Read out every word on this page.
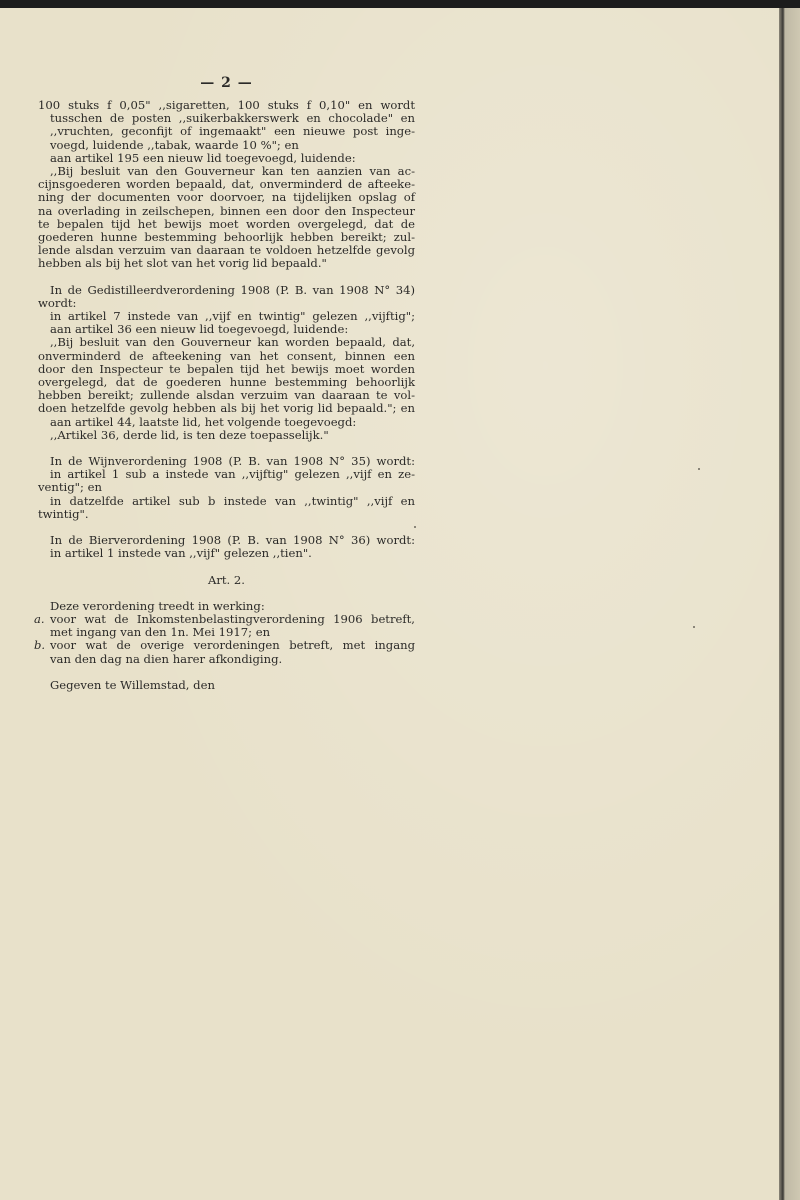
— 2 —
100 stuks f 0,05" ,,sigaretten, 100 stuks f 0,10" en wordt
tusschen de posten ,,suikerbakkerswerk en chocolade" en
,,vruchten, geconfijt of ingemaakt" een nieuwe post inge-
voegd, luidende ,,tabak, waarde 10 %"; en
aan artikel 195 een nieuw lid toegevoegd, luidende:
,,Bij besluit van den Gouverneur kan ten aanzien van ac-
cijnsgoederen worden bepaald, dat, onverminderd de afteeke-
ning der documenten voor doorvoer, na tijdelijken opslag of
na overlading in zeilschepen, binnen een door den Inspecteur
te bepalen tijd het bewijs moet worden overgelegd, dat de
goederen hunne bestemming behoorlijk hebben bereikt; zul-
lende alsdan verzuim van daaraan te voldoen hetzelfde gevolg
hebben als bij het slot van het vorig lid bepaald."
In de Gedistilleerdverordening 1908 (P. B. van 1908 N° 34)
wordt:
in artikel 7 instede van ,,vijf en twintig" gelezen ,,vijftig";
aan artikel 36 een nieuw lid toegevoegd, luidende:
,,Bij besluit van den Gouverneur kan worden bepaald, dat,
onverminderd de afteekening van het consent, binnen een
door den Inspecteur te bepalen tijd het bewijs moet worden
overgelegd, dat de goederen hunne bestemming behoorlijk
hebben bereikt; zullende alsdan verzuim van daaraan te vol-
doen hetzelfde gevolg hebben als bij het vorig lid bepaald."; en
aan artikel 44, laatste lid, het volgende toegevoegd:
,,Artikel 36, derde lid, is ten deze toepasselijk."
In de Wijnverordening 1908 (P. B. van 1908 N° 35) wordt:
in artikel 1 sub a instede van ,,vijftig" gelezen ,,vijf en ze-
ventig"; en
in datzelfde artikel sub b instede van ,,twintig" ,,vijf en
twintig".
In de Bierverordening 1908 (P. B. van 1908 N° 36) wordt:
in artikel 1 instede van ,,vijf" gelezen ,,tien".
Art. 2.
Deze verordening treedt in werking:
a. voor wat de Inkomstenbelastingverordening 1906 betreft,
met ingang van den 1n. Mei 1917; en
b. voor wat de overige verordeningen betreft, met ingang
van den dag na dien harer afkondiging.
Gegeven te Willemstad, den
